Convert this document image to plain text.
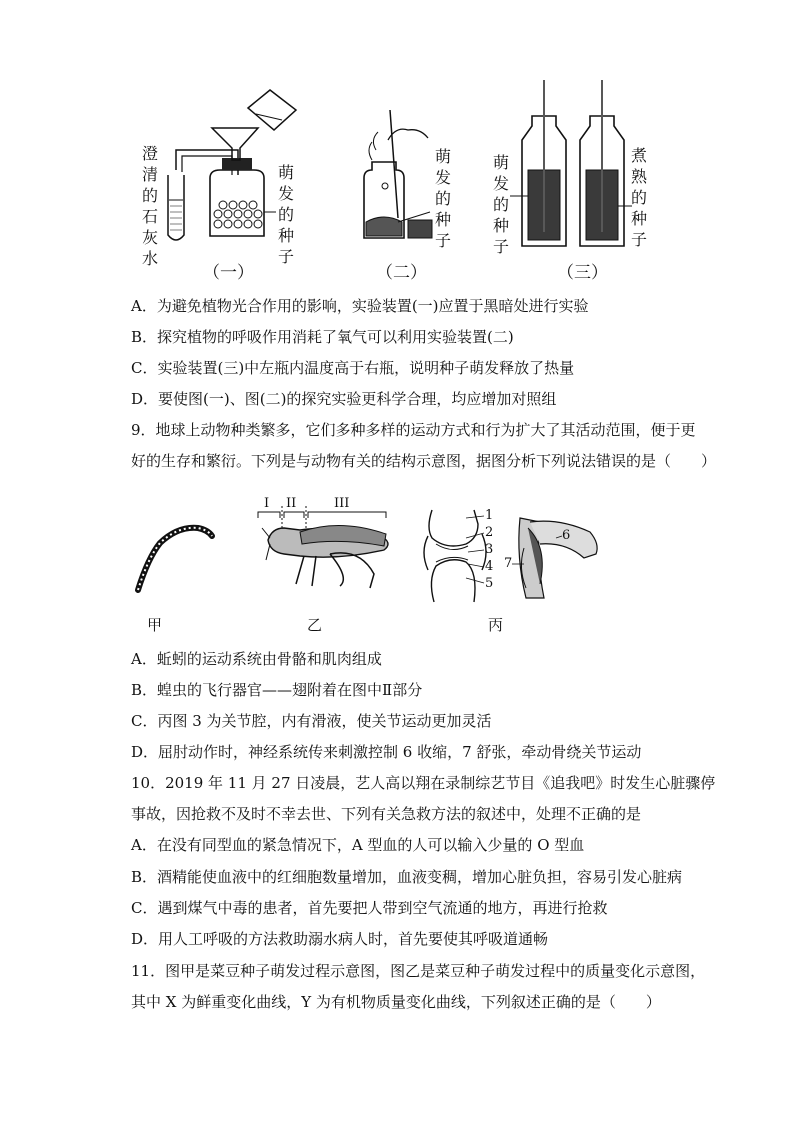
澄清的石灰水
萌发的种子
（一）
萌发的种子
（二）
萌发的种子
煮熟的种子
（三）
A．为避免植物光合作用的影响，实验装置(一)应置于黑暗处进行实验
B．探究植物的呼吸作用消耗了氧气可以利用实验装置(二)
C．实验装置(三)中左瓶内温度高于右瓶，说明种子萌发释放了热量
D．要使图(一)、图(二)的探究实验更科学合理，均应增加对照组
9．地球上动物种类繁多，它们多种多样的运动方式和行为扩大了其活动范围，便于更
好的生存和繁衍。下列是与动物有关的结构示意图，据图分析下列说法错误的是（　　）
I II	III
1
2
3
4
5
6
7
甲	乙	丙
A．蚯蚓的运动系统由骨骼和肌肉组成
B．蝗虫的飞行器官——翅附着在图中Ⅱ部分
C．丙图 3 为关节腔，内有滑液，使关节运动更加灵活
D．屈肘动作时，神经系统传来刺激控制 6 收缩，7 舒张，牵动骨绕关节运动
10．2019 年 11 月 27 日凌晨，艺人高以翔在录制综艺节目《追我吧》时发生心脏骤停
事故，因抢救不及时不幸去世、下列有关急救方法的叙述中，处理不正确的是
A．在没有同型血的紧急情况下，A 型血的人可以输入少量的 O 型血
B．酒精能使血液中的红细胞数量增加，血液变稠，增加心脏负担，容易引发心脏病
C．遇到煤气中毒的患者，首先要把人带到空气流通的地方，再进行抢救
D．用人工呼吸的方法救助溺水病人时，首先要使其呼吸道通畅
11．图甲是菜豆种子萌发过程示意图，图乙是菜豆种子萌发过程中的质量变化示意图，
其中 X 为鲜重变化曲线，Y 为有机物质量变化曲线，下列叙述正确的是（　　）
